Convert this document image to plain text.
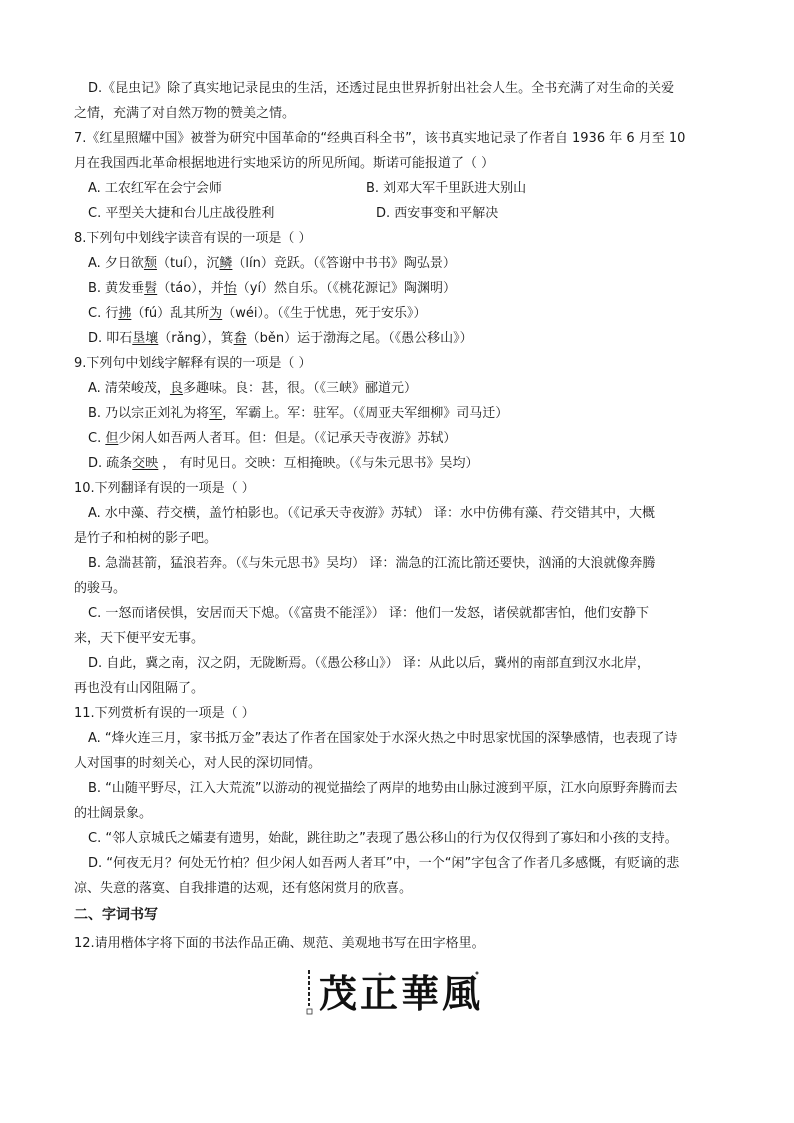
D.《昆虫记》除了真实地记录昆虫的生活，还透过昆虫世界折射出社会人生。全书充满了对生命的关爱
之情，充满了对自然万物的赞美之情。
7.《红星照耀中国》被誉为研究中国革命的“经典百科全书”，该书真实地记录了作者自 1936 年 6 月至 10
月在我国西北革命根据地进行实地采访的所见所闻。斯诺可能报道了（ ）
A. 工农红军在会宁会师	B. 刘邓大军千里跃进大别山
C. 平型关大捷和台儿庄战役胜利	D. 西安事变和平解决
8.下列句中划线字读音有误的一项是（ ）
A. 夕日欲颓（tuí），沉鳞（lín）竞跃。（《答谢中书书》陶弘景）
B. 黄发垂髫（táo），并怡（yí）然自乐。（《桃花源记》陶渊明）
C. 行拂（fú）乱其所为（wéi）。（《生于忧患，死于安乐》）
D. 叩石垦壤（rǎng），箕畚（běn）运于渤海之尾。（《愚公移山》）
9.下列句中划线字解释有误的一项是（ ）
A. 清荣峻茂，良多趣味。良：甚，很。（《三峡》郦道元）
B. 乃以宗正刘礼为将军，军霸上。军：驻军。（《周亚夫军细柳》司马迁）
C. 但少闲人如吾两人者耳。但：但是。（《记承天寺夜游》苏轼）
D. 疏条交映 ， 有时见日。交映：互相掩映。（《与朱元思书》吴均）
10.下列翻译有误的一项是（ ）
A. 水中藻、荇交横，盖竹柏影也。（《记承天寺夜游》苏轼） 译：水中仿佛有藻、荇交错其中，大概
是竹子和柏树的影子吧。
B. 急湍甚箭，猛浪若奔。（《与朱元思书》吴均） 译：湍急的江流比箭还要快，汹涌的大浪就像奔腾
的骏马。
C. 一怒而诸侯惧，安居而天下熄。（《富贵不能淫》） 译：他们一发怒，诸侯就都害怕，他们安静下
来，天下便平安无事。
D. 自此，冀之南，汉之阴，无陇断焉。（《愚公移山》） 译：从此以后，冀州的南部直到汉水北岸，
再也没有山冈阻隔了。
11.下列赏析有误的一项是（ ）
A. “烽火连三月，家书抵万金”表达了作者在国家处于水深火热之中时思家忧国的深挚感情，也表现了诗
人对国事的时刻关心，对人民的深切同情。
B. “山随平野尽，江入大荒流”以游动的视觉描绘了两岸的地势由山脉过渡到平原，江水向原野奔腾而去
的壮阔景象。
C. “邻人京城氏之孀妻有遗男，始龀，跳往助之”表现了愚公移山的行为仅仅得到了寡妇和小孩的支持。
D. “何夜无月？何处无竹柏？但少闲人如吾两人者耳”中，一个“闲”字包含了作者几多感慨，有贬谪的悲
凉、失意的落寞、自我排遣的达观，还有悠闲赏月的欣喜。
二、字词书写
12.请用楷体字将下面的书法作品正确、规范、美观地书写在田字格里。
茂正華風
